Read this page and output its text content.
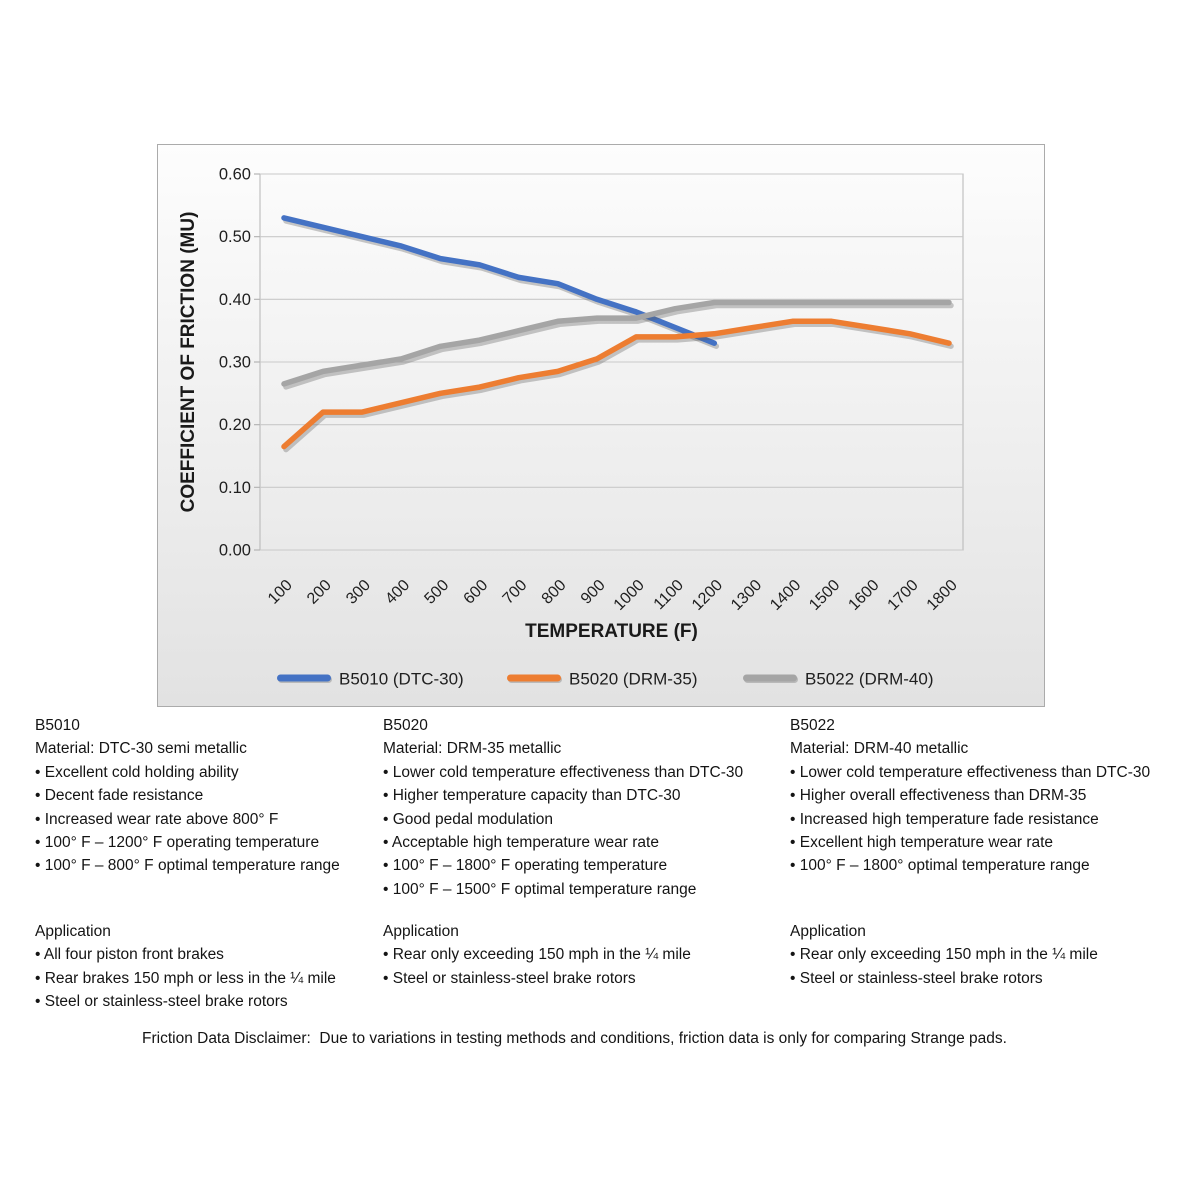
0.00
0.10
0.20
0.30
0.40
0.50
0.60
100 200 300 400 500 600 700 800 900 1000 1100 1200 1300 1400 1500 1600 1700 1800
TEMPERATURE (F)
COEFFICIENT OF FRICTION (MU)
B5010 (DTC-30)	B5020 (DRM-35)	B5022 (DRM-40)
B5010
Material: DTC-30 semi metallic
• Excellent cold holding ability
• Decent fade resistance
• Increased wear rate above 800° F
• 100° F – 1200° F operating temperature
• 100° F – 800° F optimal temperature range
Application
• All four piston front brakes
• Rear brakes 150 mph or less in the ¼ mile
• Steel or stainless-steel brake rotors
B5020
Material: DRM-35 metallic
• Lower cold temperature effectiveness than DTC-30
• Higher temperature capacity than DTC-30
• Good pedal modulation
• Acceptable high temperature wear rate
• 100° F – 1800° F operating temperature
• 100° F – 1500° F optimal temperature range
Application
• Rear only exceeding 150 mph in the ¼ mile
• Steel or stainless-steel brake rotors
B5022
Material: DRM-40 metallic
• Lower cold temperature effectiveness than DTC-30
• Higher overall effectiveness than DRM-35
• Increased high temperature fade resistance
• Excellent high temperature wear rate
• 100° F – 1800° optimal temperature range
Application
• Rear only exceeding 150 mph in the ¼ mile
• Steel or stainless-steel brake rotors
Friction Data Disclaimer:  Due to variations in testing methods and conditions, friction data is only for comparing Strange pads.
